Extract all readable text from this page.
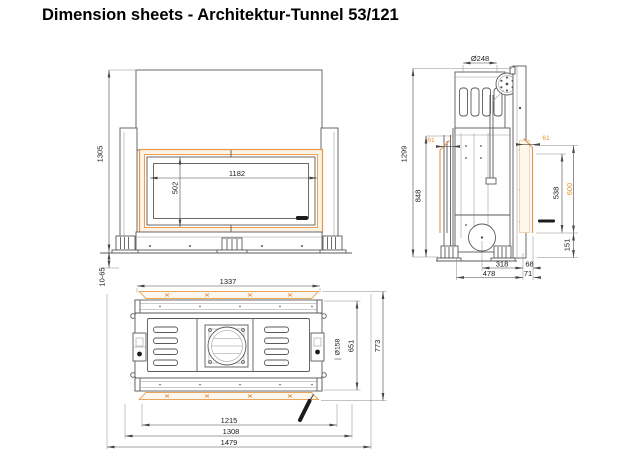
Dimension sheets - Architektur-Tunnel 53/121
1305
10-65
1182
502
Ø248
1299
848
61	61
538 600
151
318 68
478	71
1337
651 773
Ø158
1215
1308
1479
